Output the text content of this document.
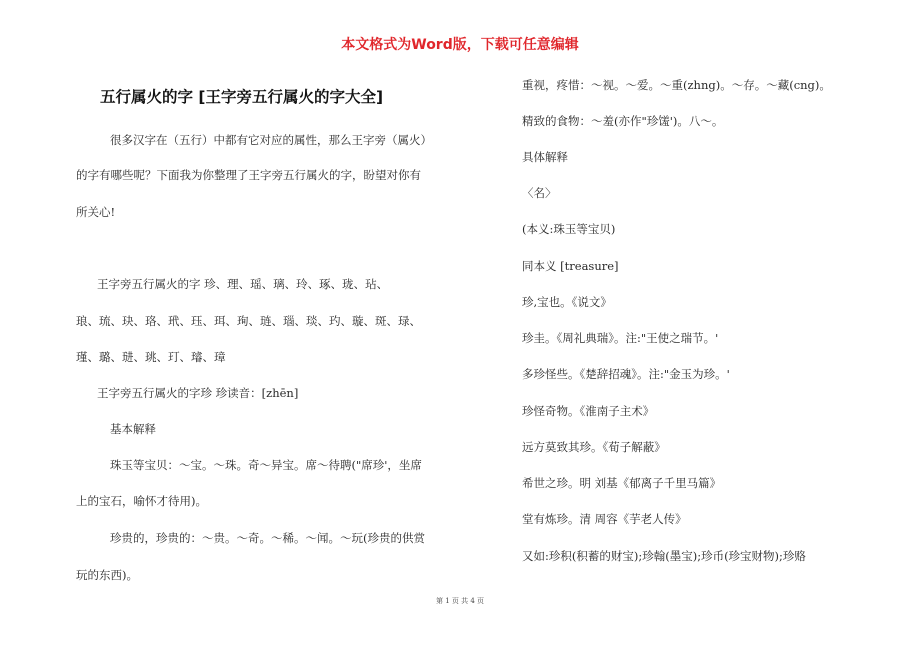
本文格式为Word版，下载可任意编辑
五行属火的字 [王字旁五行属火的字大全]
很多汉字在（五行）中都有它对应的属性，那么王字旁（属火）
的字有哪些呢？下面我为你整理了王字旁五行属火的字，盼望对你有
所关心!
王字旁五行属火的字 珍、理、瑶、璃、玲、琢、珑、玷、
琅、琉、玦、珞、玳、珏、珥、珣、琏、瑙、琰、玓、璇、斑、琭、
瑾、璐、琎、珧、玎、璿、璋
王字旁五行属火的字珍 珍读音：[zhēn]
基本解释
珠玉等宝贝：～宝。～珠。奇～异宝。席～待聘("席珍'，坐席
上的宝石，喻怀才待用)。
珍贵的，珍贵的：～贵。～奇。～稀。～闻。～玩(珍贵的供赏
玩的东西)。
重视，疼惜：～视。～爱。～重(zhng)。～存。～藏(cng)。
精致的食物：～羞(亦作"珍馐')。八～。
具体解释
〈名〉
(本义:珠玉等宝贝)
同本义 [treasure]
珍,宝也。《说文》
珍圭。《周礼典瑞》。注:"王使之瑞节。'
多珍怪些。《楚辞招魂》。注:"金玉为珍。'
珍怪奇物。《淮南子主术》
远方莫致其珍。《荀子解蔽》
希世之珍。明 刘基《郁离子千里马篇》
堂有炼珍。清 周容《芋老人传》
又如:珍积(积蓄的财宝);珍翰(墨宝);珍币(珍宝财物);珍赂
第 1 页 共 4 页
